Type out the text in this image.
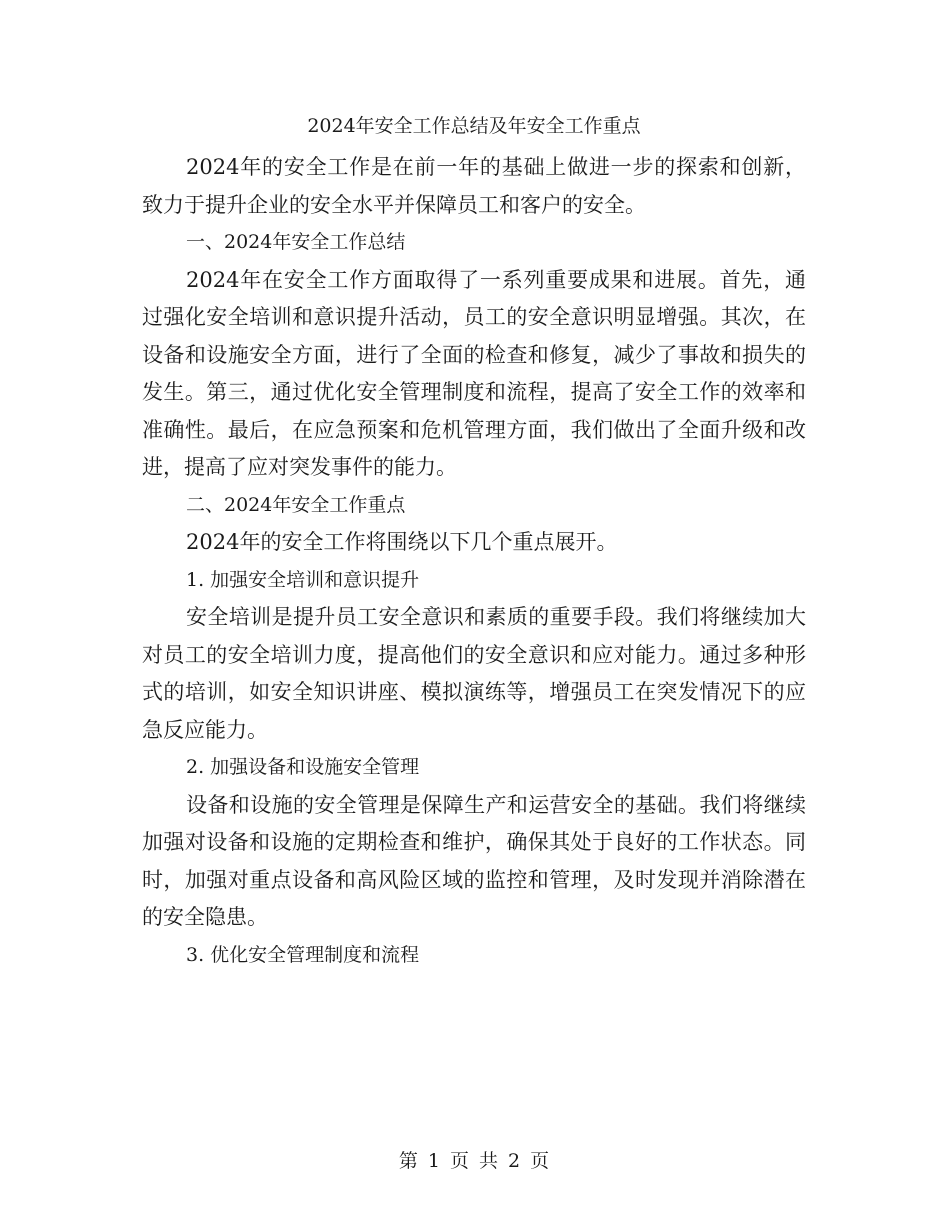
2024年安全工作总结及年安全工作重点

2024年的安全工作是在前一年的基础上做进一步的探索和创新，致力于提升企业的安全水平并保障员工和客户的安全。

一、2024年安全工作总结

2024年在安全工作方面取得了一系列重要成果和进展。首先，通过强化安全培训和意识提升活动，员工的安全意识明显增强。其次，在设备和设施安全方面，进行了全面的检查和修复，减少了事故和损失的发生。第三，通过优化安全管理制度和流程，提高了安全工作的效率和准确性。最后，在应急预案和危机管理方面，我们做出了全面升级和改进，提高了应对突发事件的能力。

二、2024年安全工作重点

2024年的安全工作将围绕以下几个重点展开。

1. 加强安全培训和意识提升

安全培训是提升员工安全意识和素质的重要手段。我们将继续加大对员工的安全培训力度，提高他们的安全意识和应对能力。通过多种形式的培训，如安全知识讲座、模拟演练等，增强员工在突发情况下的应急反应能力。

2. 加强设备和设施安全管理

设备和设施的安全管理是保障生产和运营安全的基础。我们将继续加强对设备和设施的定期检查和维护，确保其处于良好的工作状态。同时，加强对重点设备和高风险区域的监控和管理，及时发现并消除潜在的安全隐患。

3. 优化安全管理制度和流程

第 1 页 共 2 页
